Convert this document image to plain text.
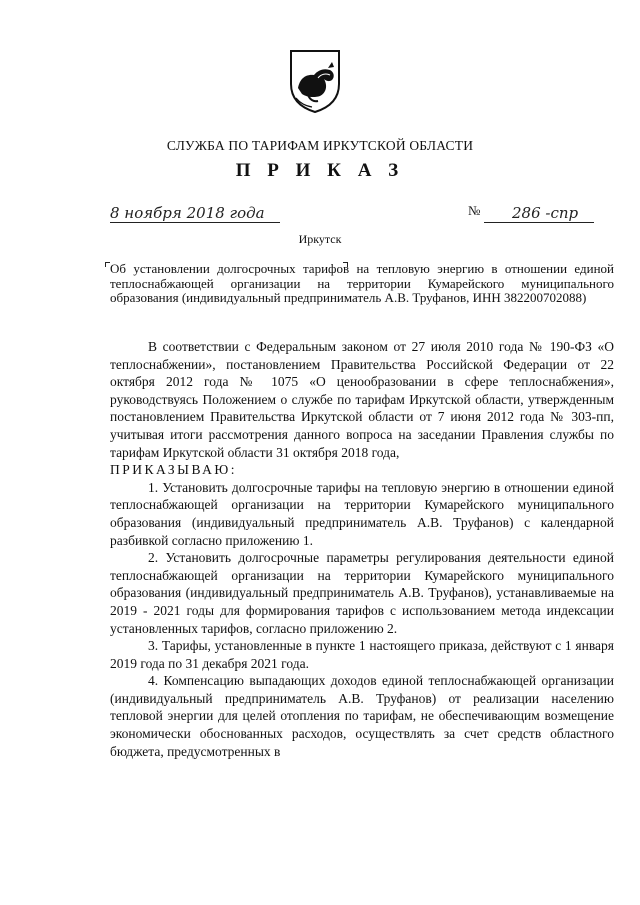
СЛУЖБА ПО ТАРИФАМ ИРКУТСКОЙ ОБЛАСТИ
П Р И К А З
8 ноября 2018 года	№ 286 -спр
Иркутск
Об установлении долгосрочных тарифов на тепловую энергию в отношении единой теплоснабжающей организации на территории Кумарейского муниципального образования (индивидуальный предприниматель А.В. Труфанов, ИНН 382200702088)

В соответствии с Федеральным законом от 27 июля 2010 года № 190-ФЗ «О теплоснабжении», постановлением Правительства Российской Федерации от 22 октября 2012 года № 1075 «О ценообразовании в сфере теплоснабжения», руководствуясь Положением о службе по тарифам Иркутской области, утвержденным постановлением Правительства Иркутской области от 7 июня 2012 года № 303-пп, учитывая итоги рассмотрения данного вопроса на заседании Правления службы по тарифам Иркутской области 31 октября 2018 года,

ПРИКАЗЫВАЮ:

1. Установить долгосрочные тарифы на тепловую энергию в отношении единой теплоснабжающей организации на территории Кумарейского муниципального образования (индивидуальный предприниматель А.В. Труфанов) с календарной разбивкой согласно приложению 1.

2. Установить долгосрочные параметры регулирования деятельности единой теплоснабжающей организации на территории Кумарейского муниципального образования (индивидуальный предприниматель А.В. Труфанов), устанавливаемые на 2019 - 2021 годы для формирования тарифов с использованием метода индексации установленных тарифов, согласно приложению 2.

3. Тарифы, установленные в пункте 1 настоящего приказа, действуют с 1 января 2019 года по 31 декабря 2021 года.

4. Компенсацию выпадающих доходов единой теплоснабжающей организации (индивидуальный предприниматель А.В. Труфанов) от реализации населению тепловой энергии для целей отопления по тарифам, не обеспечивающим возмещение экономически обоснованных расходов, осуществлять за счет средств областного бюджета, предусмотренных в
